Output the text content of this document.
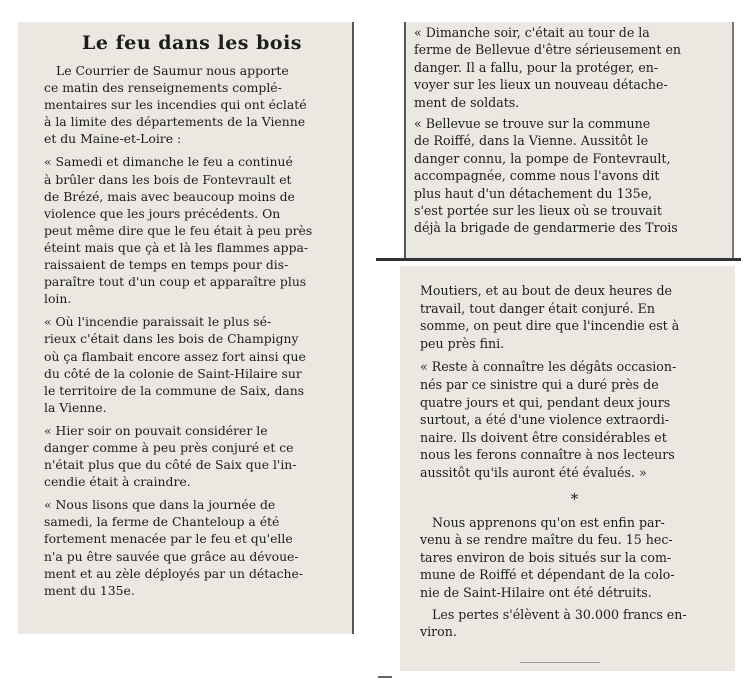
Le feu dans les bois

Le Courrier de Saumur nous apporte
ce matin des renseignements complé-
mentaires sur les incendies qui ont éclaté
à la limite des départements de la Vienne
et du Maine-et-Loire :

« Samedi et dimanche le feu a continué
à brûler dans les bois de Fontevrault et
de Brézé, mais avec beaucoup moins de
violence que les jours précédents. On
peut même dire que le feu était à peu près
éteint mais que çà et là les flammes appa-
raissaient de temps en temps pour dis-
paraître tout d'un coup et apparaître plus
loin.

« Où l'incendie paraissait le plus sé-
rieux c'était dans les bois de Champigny
où ça flambait encore assez fort ainsi que
du côté de la colonie de Saint-Hilaire sur
le territoire de la commune de Saix, dans
la Vienne.

« Hier soir on pouvait considérer le
danger comme à peu près conjuré et ce
n'était plus que du côté de Saix que l'in-
cendie était à craindre.

« Nous lisons que dans la journée de
samedi, la ferme de Chanteloup a été
fortement menacée par le feu et qu'elle
n'a pu être sauvée que grâce au dévoue-
ment et au zèle déployés par un détache-
ment du 135e.

« Dimanche soir, c'était au tour de la
ferme de Bellevue d'être sérieusement en
danger. Il a fallu, pour la protéger, en-
voyer sur les lieux un nouveau détache-
ment de soldats.

« Bellevue se trouve sur la commune
de Roiffé, dans la Vienne. Aussitôt le
danger connu, la pompe de Fontevrault,
accompagnée, comme nous l'avons dit
plus haut d'un détachement du 135e,
s'est portée sur les lieux où se trouvait
déjà la brigade de gendarmerie des Trois

Moutiers, et au bout de deux heures de
travail, tout danger était conjuré. En
somme, on peut dire que l'incendie est à
peu près fini.

« Reste à connaître les dégâts occasion-
nés par ce sinistre qui a duré près de
quatre jours et qui, pendant deux jours
surtout, a été d'une violence extraordi-
naire. Ils doivent être considérables et
nous les ferons connaître à nos lecteurs
aussitôt qu'ils auront été évalués. »

*

Nous apprenons qu'on est enfin par-
venu à se rendre maître du feu. 15 hec-
tares environ de bois situés sur la com-
mune de Roiffé et dépendant de la colo-
nie de Saint-Hilaire ont été détruits.

Les pertes s'élèvent à 30.000 francs en-
viron.
